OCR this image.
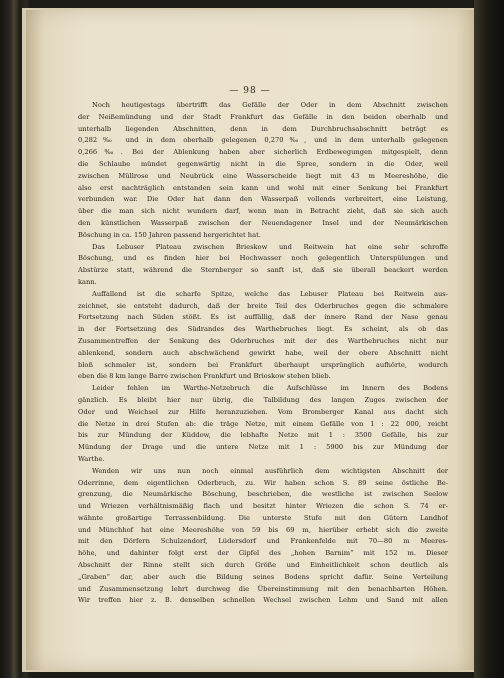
— 98 —
Noch heutigestags übertrifft das Gefälle der Oder in dem Abschnitt zwischen
der Neißemündung und der Stadt Frankfurt das Gefälle in den beiden oberhalb und
unterhalb liegenden Abschnitten, denn in dem Durchbruchsabschnitt beträgt es
0,282‰ und in dem oberhalb gelegenen 0,270‰, und in dem unterhalb gelegenen
0,266‰. Bei der Ablenkung haben aber sicherlich Erdbewegungen mitgespielt, denn
die Schlaube mündet gegenwärtig nicht in die Spree, sondern in die Oder, weil
zwischen Müllrose und Neubrück eine Wasserscheide liegt mit 43 m Meereshöhe, die
also erst nachträglich entstanden sein kann und wohl mit einer Senkung bei Frankfurt
verbunden war. Die Oder hat dann den Wasserpaß vollends verbreitert, eine Leistung,
über die man sich nicht wundern darf, wenn man in Betracht zieht, daß sie sich auch
den künstlichen Wasserpaß zwischen der Neuendagener Insel und der Neumärkischen
Böschung in ca. 150 Jahren passend hergerichtet hat.
Das Lebuser Plateau zwischen Brieskow und Reitwein hat eine sehr schroffe
Böschung, und es finden hier bei Hochwasser noch gelegentlich Unterspülungen und
Abstürze statt, während die Sternberger so sanft ist, daß sie überall beackert werden
kann.
Auffallend ist die scharfe Spitze, welche das Lebuser Plateau bei Reitwein aus-
zeichnet, sie entsteht dadurch, daß der breite Teil des Oderbruches gegen die schmalere
Fortsetzung nach Süden stößt. Es ist auffällig, daß der innere Rand der Nase genau
in der Fortsetzung des Südrandes des Warthebruches liegt. Es scheint, als ob das
Zusammentreffen der Senkung des Oderbruches mit der des Warthebruches nicht nur
ablenkend, sondern auch abschwächend gewirkt habe, weil der obere Abschnitt nicht
bloß schmaler ist, sondern bei Frankfurt überhaupt ursprünglich aufhörte, wodurch
eben die 8 km lange Barre zwischen Frankfurt und Brieskow stehen blieb.
Leider fehlen im Warthe-Netzebruch die Aufschlüsse im Innern des Bodens
gänzlich. Es bleibt hier nur übrig, die Talbildung des langen Zuges zwischen der
Oder und Weichsel zur Hilfe heranzuziehen. Vom Bromberger Kanal aus dacht sich
die Netze in drei Stufen ab: die träge Netze, mit einem Gefälle von 1 : 22 000, reicht
bis zur Mündung der Küddow, die lebhafte Netze mit 1 : 3500 Gefälle, bis zur
Mündung der Drage und die untere Netze mit 1 : 5900 bis zur Mündung der
Warthe.
Wenden wir uns nun noch einmal ausführlich dem wichtigsten Abschnitt der
Oderrinne, dem eigentlichen Oderbruch, zu. Wir haben schon S. 89 seine östliche Be-
grenzung, die Neumärkische Böschung, beschrieben, die westliche ist zwischen Seelow
und Wriezen verhältnismäßig flach und besitzt hinter Wriezen die schon S. 74 er-
wähnte großartige Terrassenbildung. Die unterste Stufe mit den Gütern Landhof
und Münchhof hat eine Meereshöhe von 59 bis 69 m, hierüber erhebt sich die zweite
mit den Dörfern Schulzendorf, Lüdersdorf und Frankenfelde mit 70—80 m Meeres-
höhe, und dahinter folgt erst der Gipfel des „hohen Barnim“ mit 152 m. Dieser
Abschnitt der Rinne stellt sich durch Größe und Einheitlichkeit schon deutlich als
„Graben“ dar, aber auch die Bildung seines Bodens spricht dafür. Seine Verteilung
und Zusammensetzung lehrt durchweg die Übereinstimmung mit den benachbarten Höhen.
Wir treffen hier z. B. denselben schnellen Wechsel zwischen Lehm und Sand mit allen
